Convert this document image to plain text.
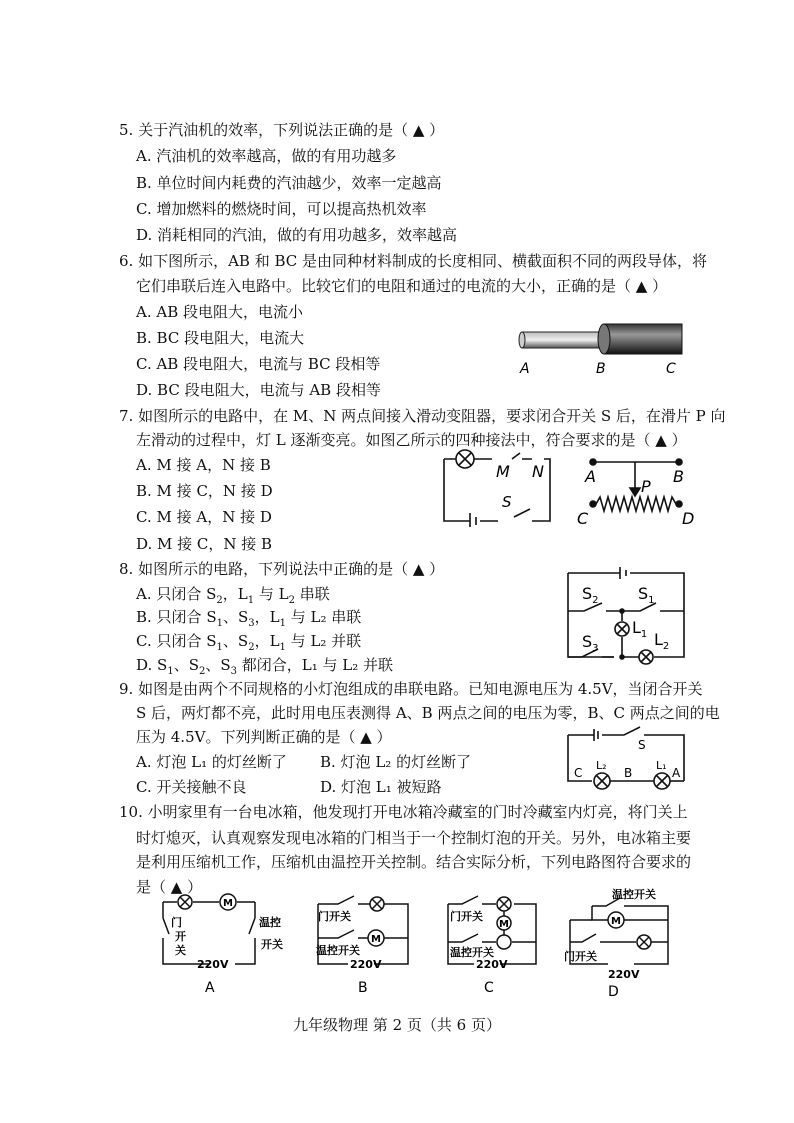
5. 关于汽油机的效率，下列说法正确的是（ ▲ ）
A. 汽油机的效率越高，做的有用功越多
B. 单位时间内耗费的汽油越少，效率一定越高
C. 增加燃料的燃烧时间，可以提高热机效率
D. 消耗相同的汽油，做的有用功越多，效率越高
6. 如下图所示，AB 和 BC 是由同种材料制成的长度相同、横截面积不同的两段导体，将
它们串联后连入电路中。比较它们的电阻和通过的电流的大小，正确的是（ ▲ ）
A. AB 段电阻大，电流小
B. BC 段电阻大，电流大
C. AB 段电阻大，电流与 BC 段相等
D. BC 段电阻大，电流与 AB 段相等
A	B	C
7. 如图所示的电路中，在 M、N 两点间接入滑动变阻器，要求闭合开关 S 后，在滑片 P 向
左滑动的过程中，灯 L 逐渐变亮。如图乙所示的四种接法中，符合要求的是（ ▲ ）
A. M 接 A，N 接 B
B. M 接 C，N 接 D
C. M 接 A，N 接 D
D. M 接 C，N 接 B
M N
S
A	B
P
C	D
8. 如图所示的电路，下列说法中正确的是（ ▲ ）
A. 只闭合 $S_2$，$L_1$ 与 $L_2$ 串联
B. 只闭合 $S_1$、$S_3$，$L_1$ 与 L₂ 串联
C. 只闭合 $S_1$、$S_2$，$L_1$ 与 L₂ 并联
D. $S_1$、$S_2$、$S_3$ 都闭合，L₁ 与 L₂ 并联
$S_2$ $S_1$
$L_1$
$S_3$	$L_2$
9. 如图是由两个不同规格的小灯泡组成的串联电路。已知电源电压为 4.5V，当闭合开关
S 后，两灯都不亮，此时用电压表测得 A、B 两点之间的电压为零，B、C 两点之间的电
压为 4.5V。下列判断正确的是（ ▲ ）
A. 灯泡 L₁ 的灯丝断了 B. 灯泡 L₂ 的灯丝断了
C. 开关接触不良	D. 灯泡 L₁ 被短路
S
C
L₂
B
L₁
A
10. 小明家里有一台电冰箱，他发现打开电冰箱冷藏室的门时冷藏室内灯亮，将门关上
时灯熄灭，认真观察发现电冰箱的门相当于一个控制灯泡的开关。另外，电冰箱主要
是利用压缩机工作，压缩机由温控开关控制。结合实际分析，下列电路图符合要求的
是（ ▲ ）
M
门
开
关
温控
开关
220V
A
门开关
M
温控开关
220V
B
M
门开关
温控开关
220V
C
温控开关
M
门开关
220V
D
九年级物理 第 2 页（共 6 页）
